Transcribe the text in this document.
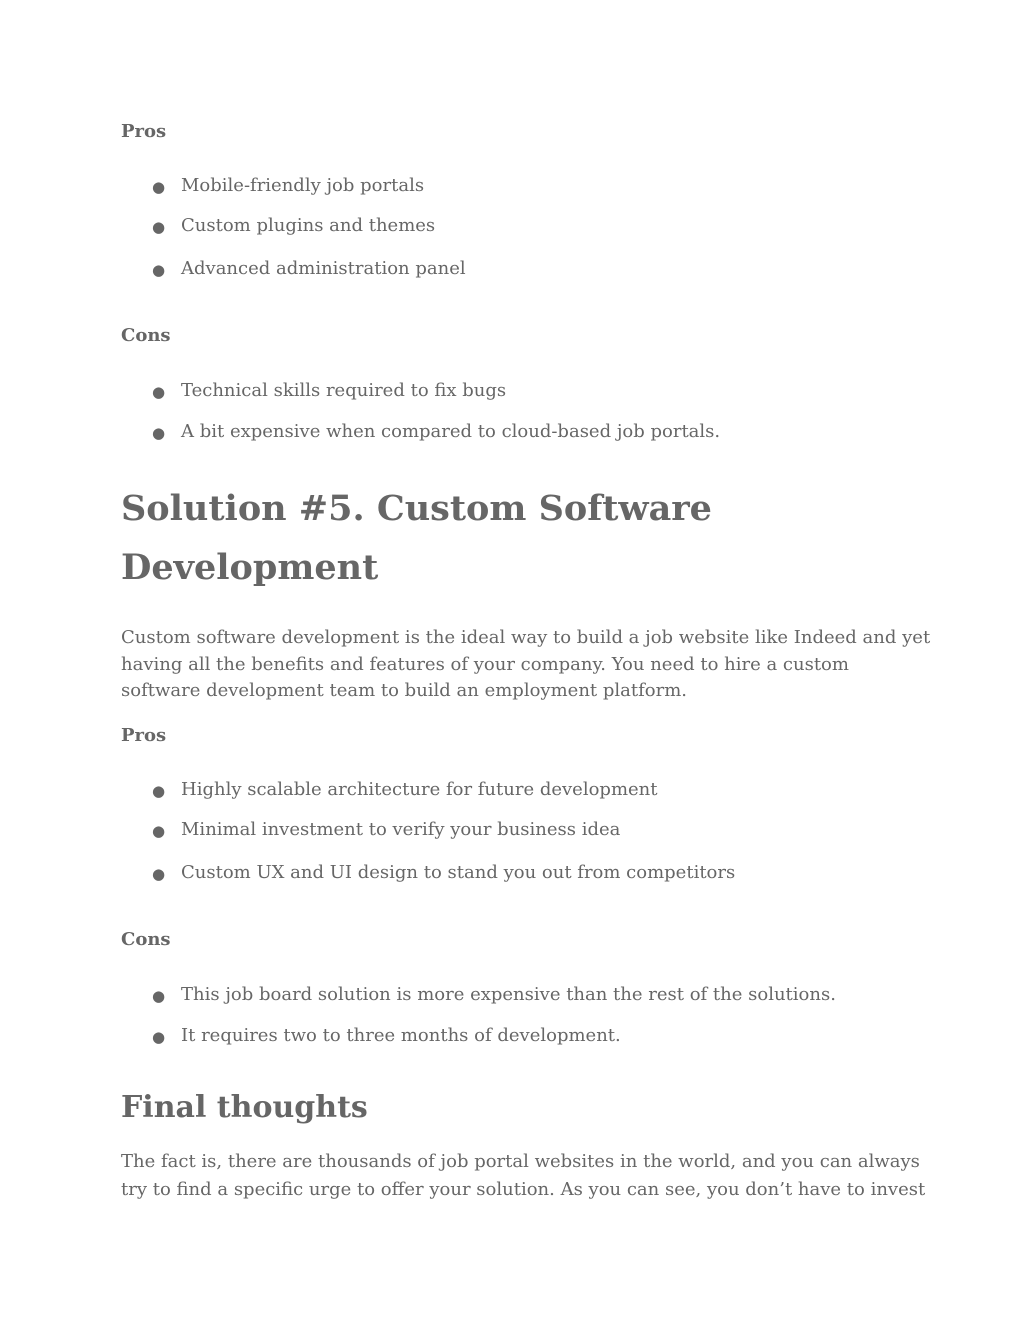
Pros

● Mobile-friendly job portals
● Custom plugins and themes
● Advanced administration panel

Cons

● Technical skills required to fix bugs
● A bit expensive when compared to cloud-based job portals.
Solution #5. Custom Software
Development

Custom software development is the ideal way to build a job website like Indeed and yet

having all the benefits and features of your company. You need to hire a custom

software development team to build an employment platform.

Pros

● Highly scalable architecture for future development
● Minimal investment to verify your business idea
● Custom UX and UI design to stand you out from competitors

Cons

● This job board solution is more expensive than the rest of the solutions.
● It requires two to three months of development.
Final thoughts

The fact is, there are thousands of job portal websites in the world, and you can always

try to find a specific urge to offer your solution. As you can see, you don’t have to invest
